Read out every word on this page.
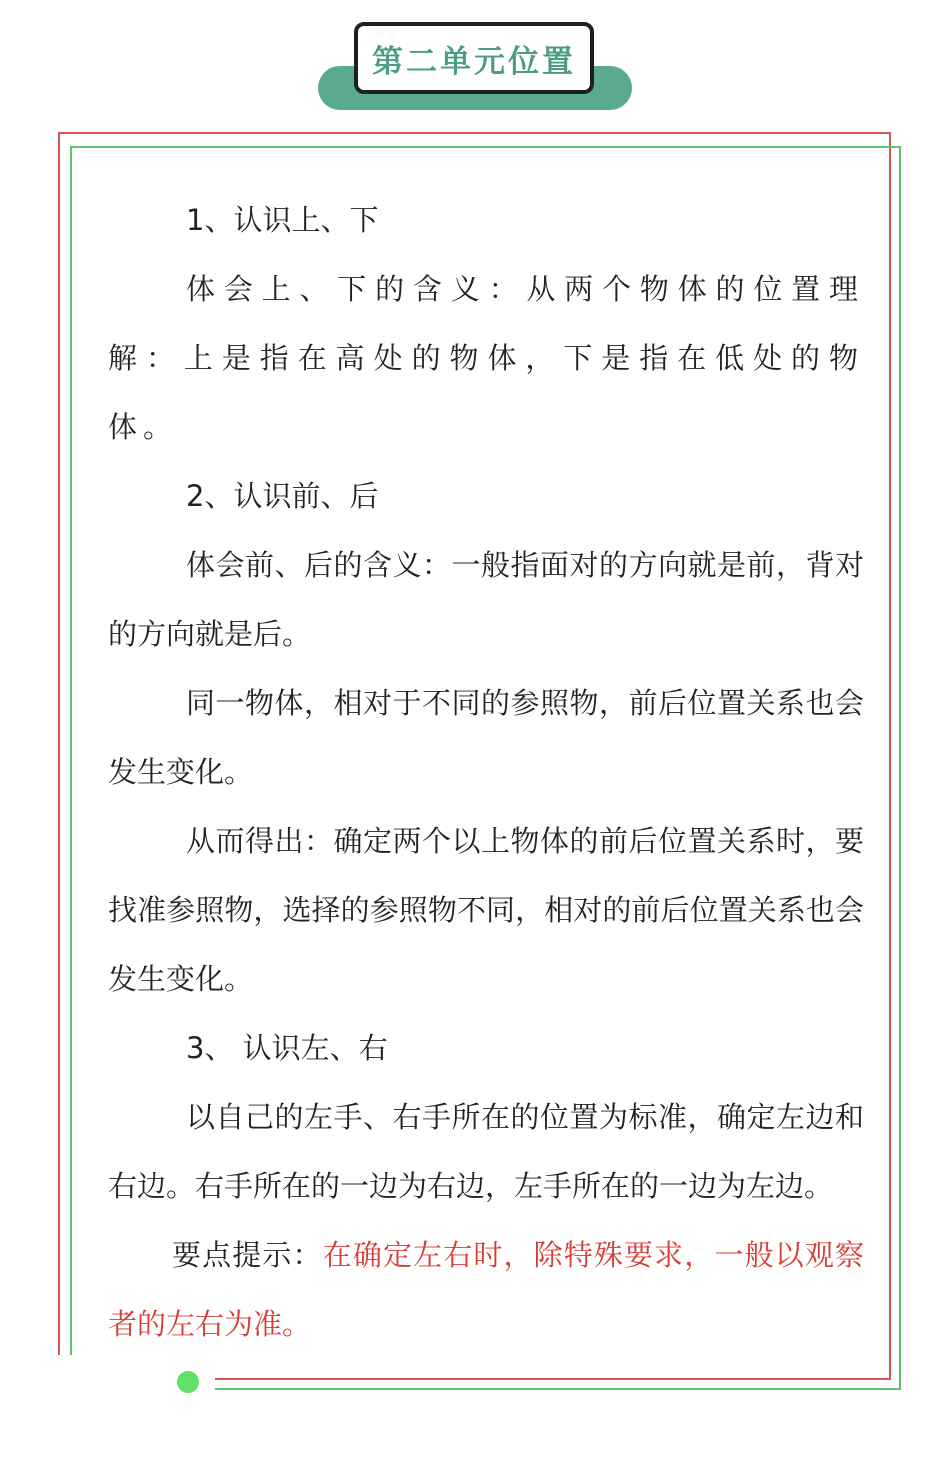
第二单元位置

1、认识上、下

体会上、下的含义：从两个物体的位置理解：上是指在高处的物体，下是指在低处的物体。

2、认识前、后

体会前、后的含义：一般指面对的方向就是前，背对的方向就是后。

同一物体，相对于不同的参照物，前后位置关系也会发生变化。

从而得出：确定两个以上物体的前后位置关系时，要找准参照物，选择的参照物不同，相对的前后位置关系也会发生变化。

3、 认识左、右

以自己的左手、右手所在的位置为标准，确定左边和右边。右手所在的一边为右边，左手所在的一边为左边。

要点提示：在确定左右时，除特殊要求，一般以观察者的左右为准。
